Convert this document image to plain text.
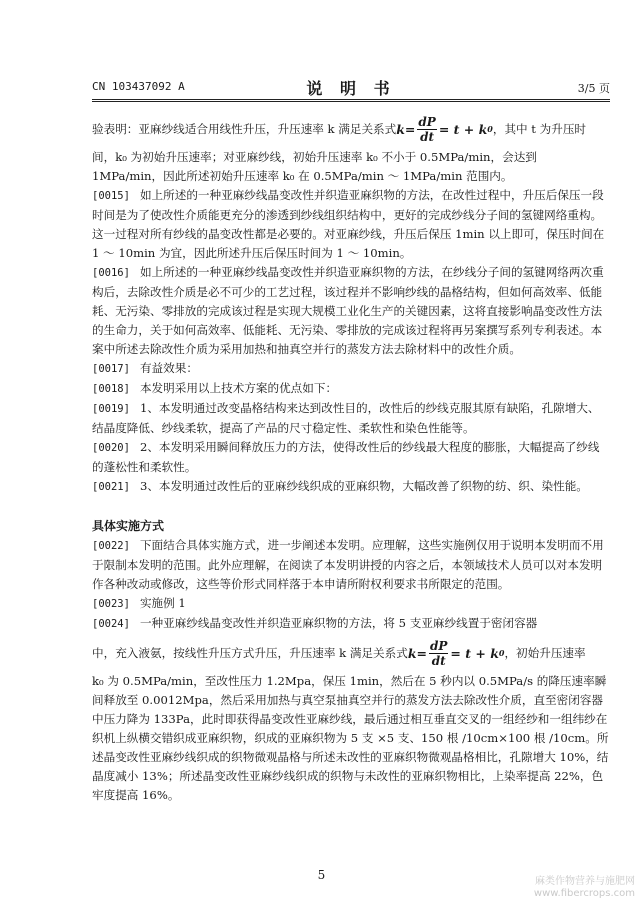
CN 103437092 A	说 明 书	3/5 页
验表明：亚麻纱线适合用线性升压，升压速率 k 满足关系式 $k = \frac{dP}{dt} = t + k$ 0 ，其中 t 为升压时

间，k₀ 为初始升压速率；对亚麻纱线，初始升压速率 k₀ 不小于 0.5MPa/min，会达到 1MPa/min，因此所述初始升压速率 k₀ 在 0.5MPa/min ～ 1MPa/min 范围内。

[0015] 如上所述的一种亚麻纱线晶变改性并织造亚麻织物的方法，在改性过程中，升压后保压一段时间是为了使改性介质能更充分的渗透到纱线组织结构中，更好的完成纱线分子间的氢键网络重构。这一过程对所有纱线的晶变改性都是必要的。对亚麻纱线，升压后保压 1min 以上即可，保压时间在 1 ～ 10min 为宜，因此所述升压后保压时间为 1 ～ 10min。

[0016] 如上所述的一种亚麻纱线晶变改性并织造亚麻织物的方法，在纱线分子间的氢键网络两次重构后，去除改性介质是必不可少的工艺过程，该过程并不影响纱线的晶格结构，但如何高效率、低能耗、无污染、零排放的完成该过程是实现大规模工业化生产的关键因素，这将直接影响晶变改性方法的生命力，关于如何高效率、低能耗、无污染、零排放的完成该过程将再另案撰写系列专利表述。本案中所述去除改性介质为采用加热和抽真空并行的蒸发方法去除材料中的改性介质。

[0017] 有益效果：

[0018] 本发明采用以上技术方案的优点如下：

[0019] 1、本发明通过改变晶格结构来达到改性目的，改性后的纱线克服其原有缺陷，孔隙增大、结晶度降低、纱线柔软，提高了产品的尺寸稳定性、柔软性和染色性能等。

[0020] 2、本发明采用瞬间释放压力的方法，使得改性后的纱线最大程度的膨胀，大幅提高了纱线的蓬松性和柔软性。

[0021] 3、本发明通过改性后的亚麻纱线织成的亚麻织物，大幅改善了织物的纺、织、染性能。

具体实施方式

[0022] 下面结合具体实施方式，进一步阐述本发明。应理解，这些实施例仅用于说明本发明而不用于限制本发明的范围。此外应理解，在阅读了本发明讲授的内容之后，本领域技术人员可以对本发明作各种改动或修改，这些等价形式同样落于本申请所附权利要求书所限定的范围。

[0023] 实施例 1

[0024] 一种亚麻纱线晶变改性并织造亚麻织物的方法，将 5 支亚麻纱线置于密闭容器

中，充入液氨，按线性升压方式升压，升压速率 k 满足关系式 $k = \frac{dP}{dt} = t + k$ 0 ，初始升压速率

k₀ 为 0.5MPa/min，至改性压力 1.2Mpa，保压 1min，然后在 5 秒内以 0.5MPa/s 的降压速率瞬间释放至 0.0012Mpa，然后采用加热与真空泵抽真空并行的蒸发方法去除改性介质，直至密闭容器中压力降为 133Pa，此时即获得晶变改性亚麻纱线，最后通过相互垂直交叉的一组经纱和一组纬纱在织机上纵横交错织成亚麻织物，织成的亚麻织物为 5 支 ×5 支、150 根 /10cm×100 根 /10cm。所述晶变改性亚麻纱线织成的织物微观晶格与所述未改性的亚麻织物微观晶格相比，孔隙增大 10%，结晶度减小 13%；所述晶变改性亚麻纱线织成的织物与未改性的亚麻织物相比，上染率提高 22%，色牢度提高 16%。

5	麻类作物营养与施肥网
www.fibercrops.com
